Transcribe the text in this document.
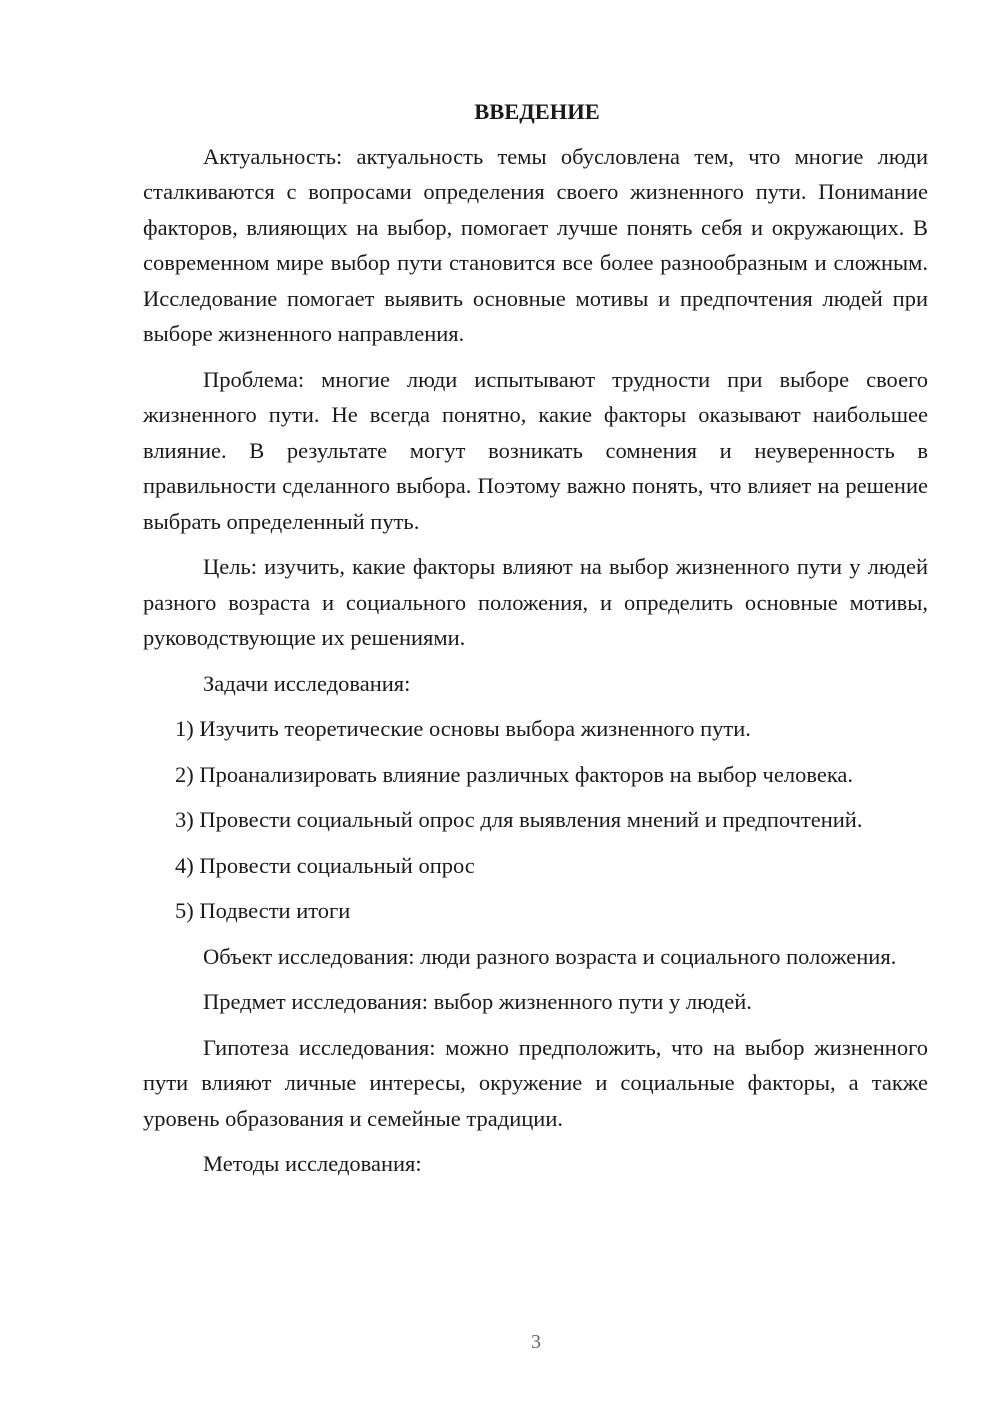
ВВЕДЕНИЕ

Актуальность: актуальность темы обусловлена тем, что многие люди сталкиваются с вопросами определения своего жизненного пути. Понимание факторов, влияющих на выбор, помогает лучше понять себя и окружающих. В современном мире выбор пути становится все более разнообразным и сложным. Исследование помогает выявить основные мотивы и предпочтения людей при выборе жизненного направления.

Проблема: многие люди испытывают трудности при выборе своего жизненного пути. Не всегда понятно, какие факторы оказывают наибольшее влияние. В результате могут возникать сомнения и неуверенность в правильности сделанного выбора. Поэтому важно понять, что влияет на решение выбрать определенный путь.

Цель: изучить, какие факторы влияют на выбор жизненного пути у людей разного возраста и социального положения, и определить основные мотивы, руководствующие их решениями.

Задачи исследования:

1) Изучить теоретические основы выбора жизненного пути.

2) Проанализировать влияние различных факторов на выбор человека.

3) Провести социальный опрос для выявления мнений и предпочтений.

4) Провести социальный опрос

5) Подвести итоги

Объект исследования: люди разного возраста и социального положения.

Предмет исследования: выбор жизненного пути у людей.

Гипотеза исследования: можно предположить, что на выбор жизненного пути влияют личные интересы, окружение и социальные факторы, а также уровень образования и семейные традиции.

Методы исследования:

3
